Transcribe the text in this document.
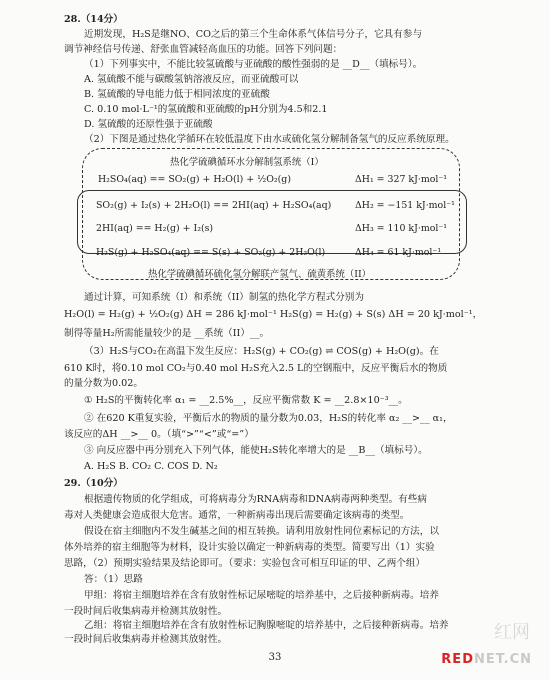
28.（14分）
近期发现，H₂S是继NO、CO之后的第三个生命体系气体信号分子，它具有参与
调节神经信号传递、舒张血管减轻高血压的功能。回答下列问题：
（1）下列事实中，不能比较氢硫酸与亚硫酸的酸性强弱的是 __D__（填标号）。
A. 氢硫酸不能与碳酸氢钠溶液反应，而亚硫酸可以
B. 氢硫酸的导电能力低于相同浓度的亚硫酸
C. 0.10 mol·L⁻¹的氢硫酸和亚硫酸的pH分别为4.5和2.1
D. 氢硫酸的还原性强于亚硫酸
（2）下图是通过热化学循环在较低温度下由水或硫化氢分解制备氢气的反应系统原理。
热化学硫碘循环水分解制氢系统（I）
H₂SO₄(aq) == SO₂(g) + H₂O(l) + ½O₂(g)	ΔH₁ = 327 kJ·mol⁻¹
SO₂(g) + I₂(s) + 2H₂O(l) == 2HI(aq) + H₂SO₄(aq)	ΔH₂ = −151 kJ·mol⁻¹
2HI(aq) == H₂(g) + I₂(s)	ΔH₃ = 110 kJ·mol⁻¹
H₂S(g) + H₂SO₄(aq) == S(s) + SO₂(g) + 2H₂O(l)	ΔH₄ = 61 kJ·mol⁻¹
热化学硫碘循环硫化氢分解联产氢气、硫黄系统（II）
通过计算，可知系统（I）和系统（II）制氢的热化学方程式分别为
H₂O(l) = H₂(g) + ½O₂(g) ΔH = 286 kJ·mol⁻¹ H₂S(g) = H₂(g) + S(s) ΔH = 20 kJ·mol⁻¹，
制得等量H₂所需能量较少的是 __系统（II）__。
（3）H₂S与CO₂在高温下发生反应：H₂S(g) + CO₂(g) ⇌ COS(g) + H₂O(g)。在
610 K时，将0.10 mol CO₂与0.40 mol H₂S充入2.5 L的空钢瓶中，反应平衡后水的物质
的量分数为0.02。
① H₂S的平衡转化率 α₁ = __2.5%__，反应平衡常数 K = __2.8×10⁻³__。
② 在620 K重复实验，平衡后水的物质的量分数为0.03，H₂S的转化率 α₂ __>__ α₁，
该反应的ΔH __>__ 0。（填“>”“<”或“=”）
③ 向反应器中再分别充入下列气体，能使H₂S转化率增大的是 __B__（填标号）。
A. H₂S B. CO₂ C. COS D. N₂
29.（10分）
根据遗传物质的化学组成，可将病毒分为RNA病毒和DNA病毒两种类型。有些病
毒对人类健康会造成很大危害。通常，一种新病毒出现后需要确定该病毒的类型。
假设在宿主细胞内不发生碱基之间的相互转换。请利用放射性同位素标记的方法，以
体外培养的宿主细胞等为材料，设计实验以确定一种新病毒的类型。简要写出（1）实验
思路，（2）预期实验结果及结论即可。（要求：实验包含可相互印证的甲、乙两个组）
答：（1）思路
甲组：将宿主细胞培养在含有放射性标记尿嘧啶的培养基中，之后接种新病毒。培养
一段时间后收集病毒并检测其放射性。
乙组：将宿主细胞培养在含有放射性标记胸腺嘧啶的培养基中，之后接种新病毒。培养
一段时间后收集病毒并检测其放射性。
33
红网
REDNET.CN
